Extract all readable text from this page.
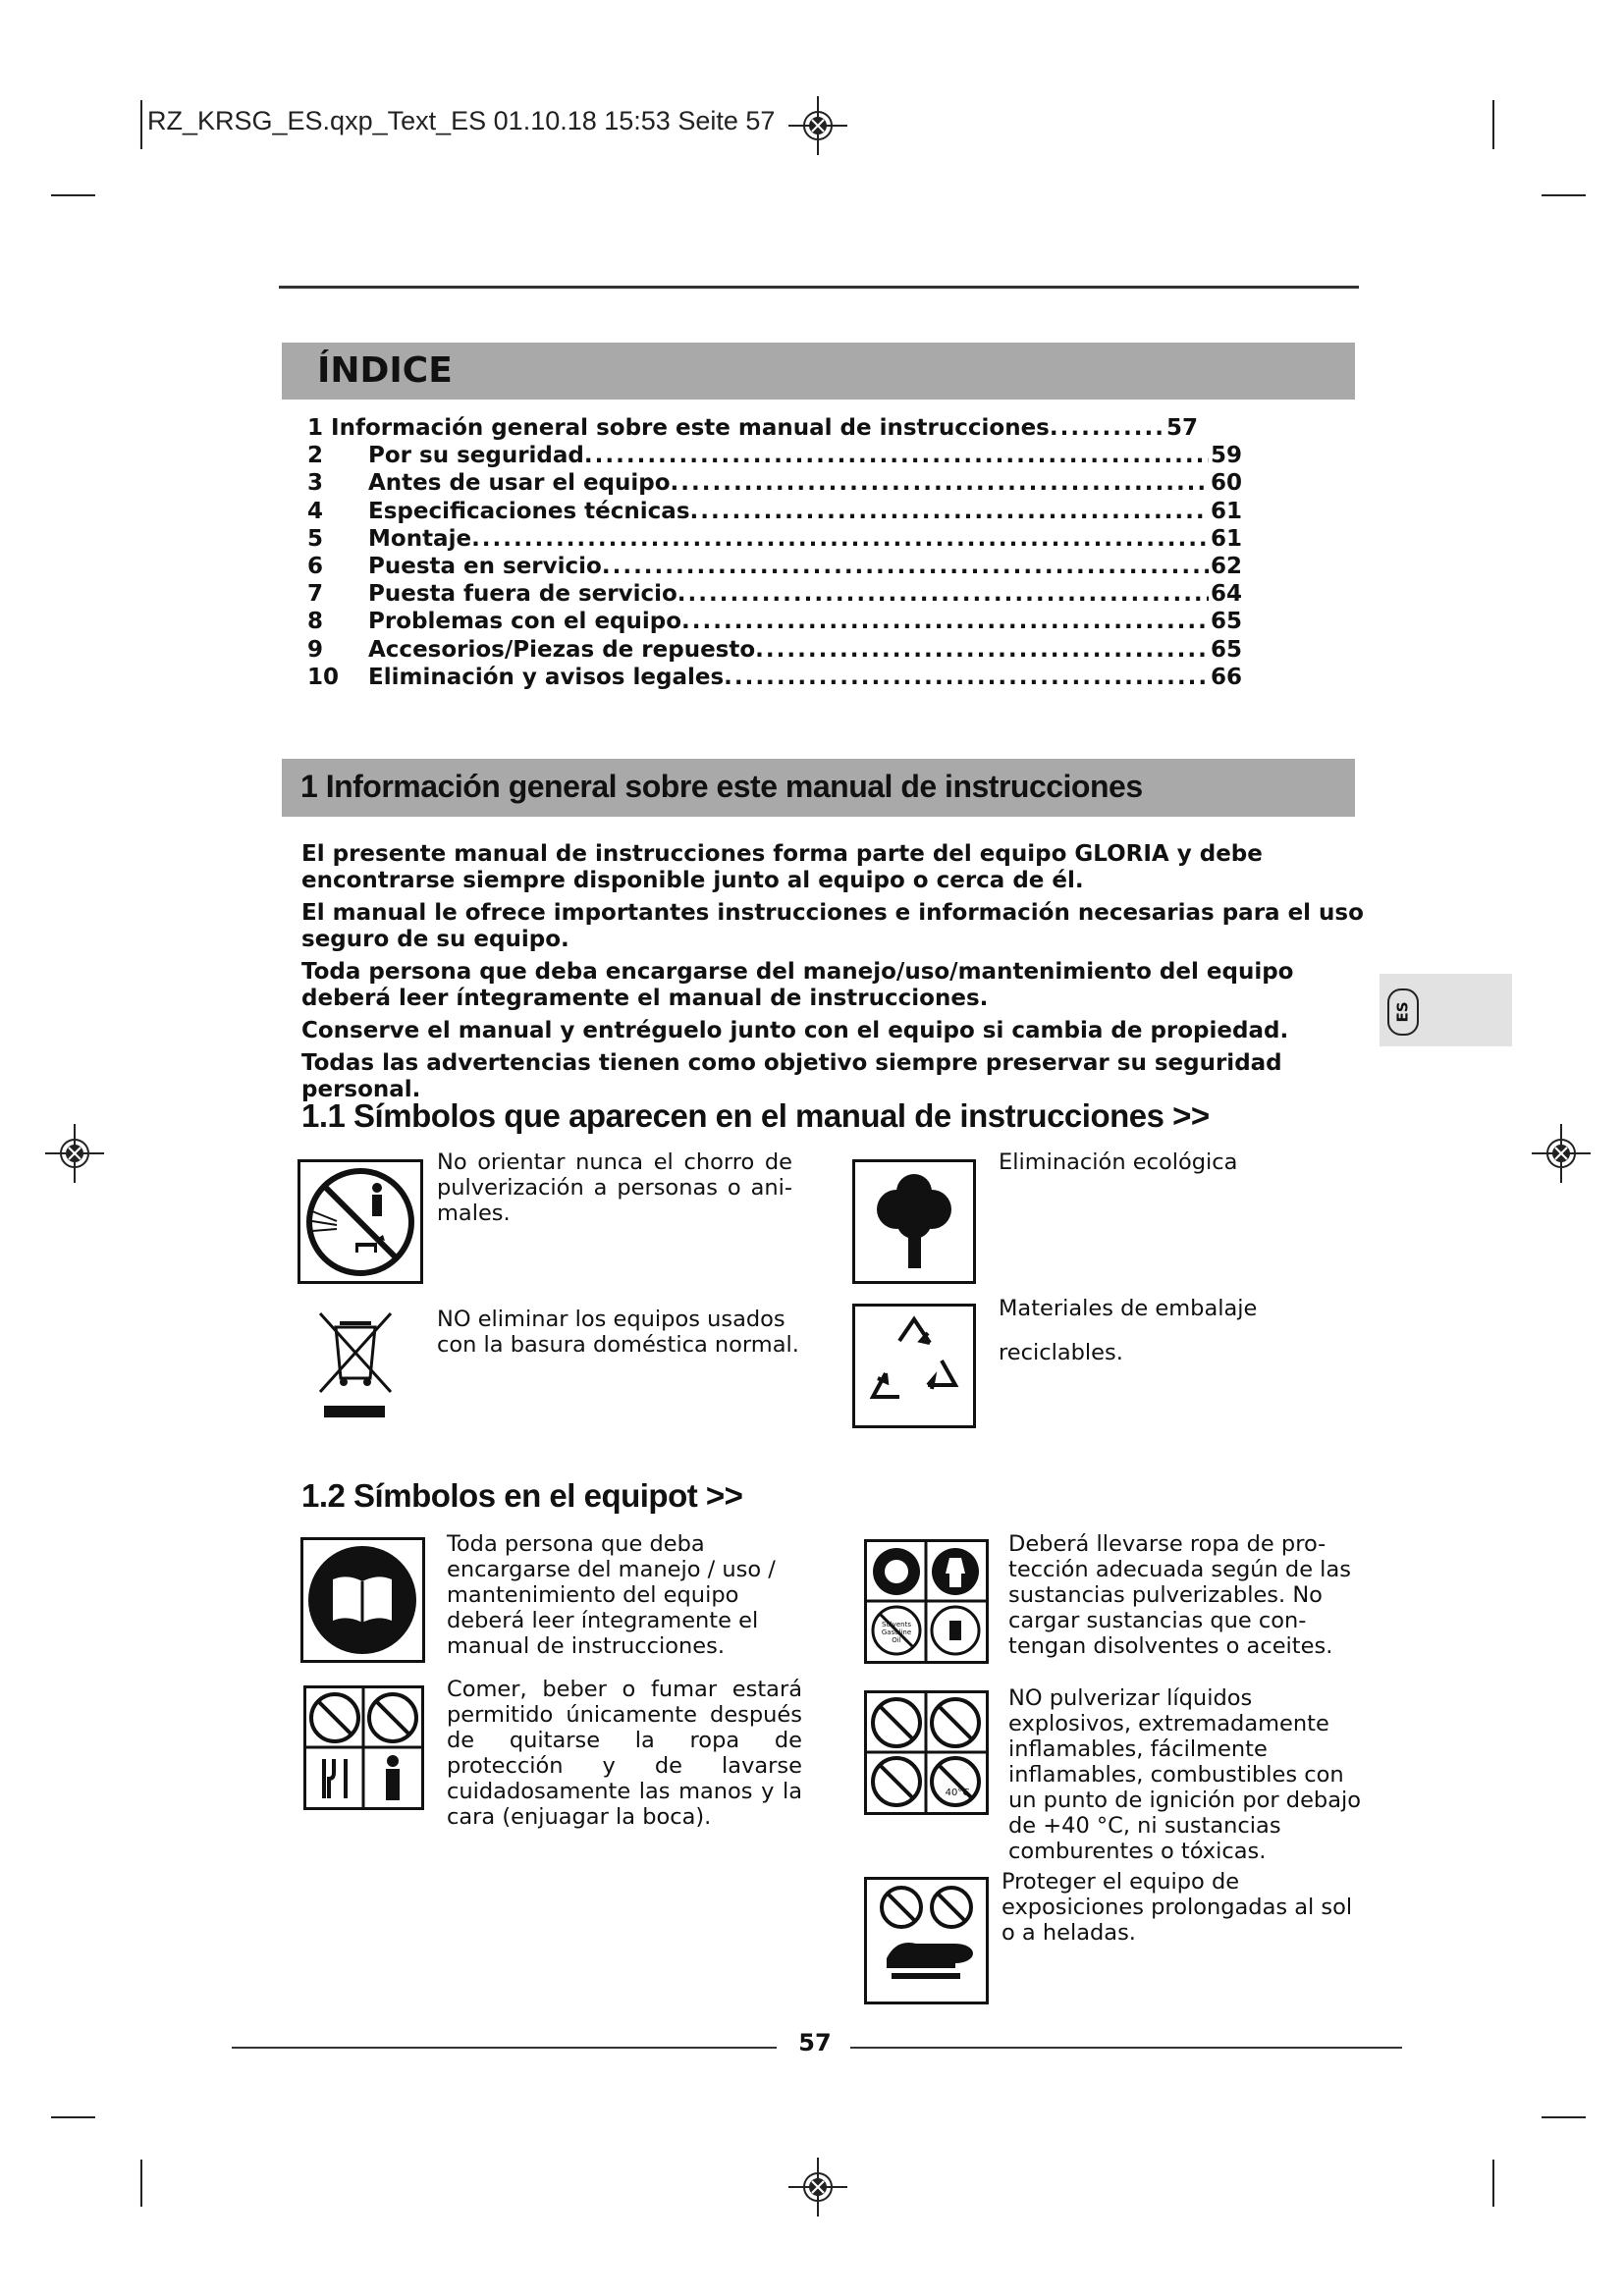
RZ_KRSG_ES.qxp_Text_ES 01.10.18 15:53 Seite 57
ÍNDICE
1 Información general sobre este manual de instrucciones .....	57
2	Por su seguridad .....	59
3	Antes de usar el equipo .....	60
4	Especificaciones técnicas .....	61
5	Montaje .....	61
6	Puesta en servicio .....	62
7	Puesta fuera de servicio .....	64
8	Problemas con el equipo .....	65
9	Accesorios/Piezas de repuesto .....	65
10	Eliminación y avisos legales .....	66
1 Información general sobre este manual de instrucciones

El presente manual de instrucciones forma parte del equipo GLORIA y debe encontrarse siempre disponible junto al equipo o cerca de él.

El manual le ofrece importantes instrucciones e información necesarias para el uso seguro de su equipo.

Toda persona que deba encargarse del manejo/uso/mantenimiento del equipo deberá leer íntegramente el manual de instrucciones.

Conserve el manual y entréguelo junto con el equipo si cambia de propiedad.

Todas las advertencias tienen como objetivo siempre preservar su seguridad personal.

ES
1.1 Símbolos que aparecen en el manual de instrucciones >>
No orientar nunca el chorro de pulverización a personas o ani-males.
Eliminación ecológica
NO eliminar los equipos usados con la basura doméstica normal.
Materiales de embalaje
reciclables.
1.2 Símbolos en el equipot >>
Toda persona que deba encargarse del manejo / uso / mantenimiento del equipo deberá leer íntegramente el manual de instrucciones.
Comer, beber o fumar estará permitido únicamente después de quitarse la ropa de protección y de lavarse cuidadosamente las manos y la cara (enjuagar la boca).
Solvents
Gasoline
Oil
Deberá llevarse ropa de pro-tección adecuada según de las sustancias pulverizables. No cargar sustancias que con-tengan disolventes o aceites.
40°C
NO pulverizar líquidos explosivos, extremadamente inflamables, fácilmente inflamables, combustibles con un punto de ignición por debajo de +40 °C, ni sustancias comburentes o tóxicas.
Proteger el equipo de exposiciones prolongadas al sol o a heladas.
57
